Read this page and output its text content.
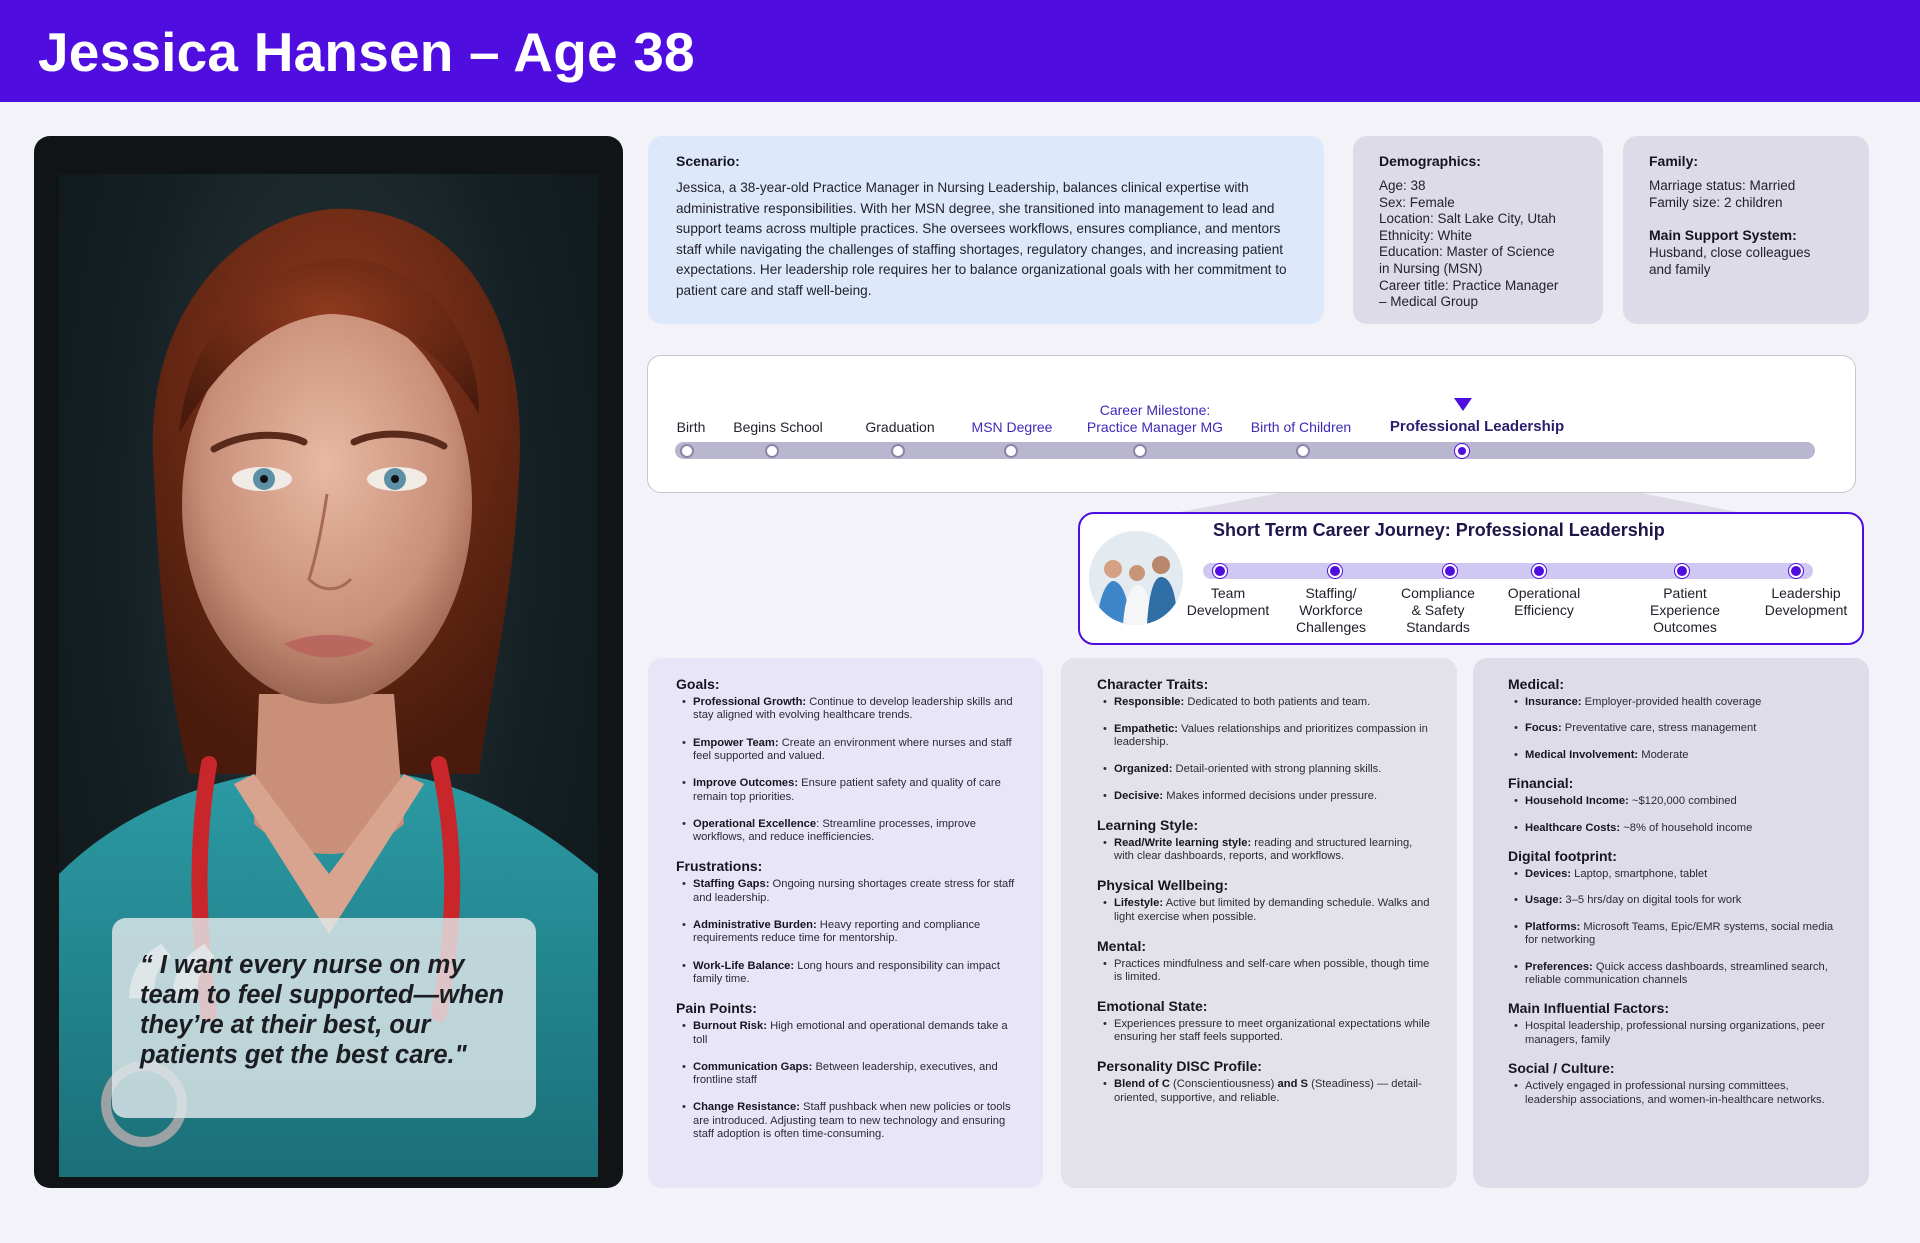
Jessica Hansen – Age 38

“ I want every nurse on my team to feel supported—when they’re at their best, our patients get the best care."

Scenario:

Jessica, a 38-year-old Practice Manager in Nursing Leadership, balances clinical expertise with administrative responsibilities. With her MSN degree, she transitioned into management to lead and support teams across multiple practices. She oversees workflows, ensures compliance, and mentors staff while navigating the challenges of staffing shortages, regulatory changes, and increasing patient expectations. Her leadership role requires her to balance organizational goals with her commitment to patient care and staff well-being.

Demographics:
Age: 38
Sex: Female
Location: Salt Lake City, Utah
Ethnicity: White
Education: Master of Science
in Nursing (MSN)
Career title: Practice Manager
– Medical Group
Family:
Marriage status: Married
Family size: 2 children
Main Support System:
Husband, close colleagues
and family
Birth Begins School	Graduation	MSN Degree
Career Milestone:
Practice Manager MG Birth of Children	Professional Leadership
Short Term Career Journey: Professional Leadership
Team
Development
Staffing/
Workforce
Challenges
Compliance
& Safety
Standards
Operational
Efficiency
Patient
Experience
Outcomes
Leadership
Development
Goals:
• Professional Growth: Continue to develop leadership skills and stay aligned with evolving healthcare trends.
• Empower Team: Create an environment where nurses and staff feel supported and valued.
• Improve Outcomes: Ensure patient safety and quality of care remain top priorities.
• Operational Excellence: Streamline processes, improve workflows, and reduce inefficiencies.
Frustrations:
• Staffing Gaps: Ongoing nursing shortages create stress for staff and leadership.
• Administrative Burden: Heavy reporting and compliance requirements reduce time for mentorship.
• Work-Life Balance: Long hours and responsibility can impact family time.
Pain Points:
• Burnout Risk: High emotional and operational demands take a toll
• Communication Gaps: Between leadership, executives, and frontline staff
• Change Resistance: Staff pushback when new policies or tools are introduced. Adjusting team to new technology and ensuring staff adoption is often time-consuming.
Character Traits:
• Responsible: Dedicated to both patients and team.
• Empathetic: Values relationships and prioritizes compassion in leadership.
• Organized: Detail-oriented with strong planning skills.
• Decisive: Makes informed decisions under pressure.
Learning Style:
• Read/Write learning style: reading and structured learning, with clear dashboards, reports, and workflows.
Physical Wellbeing:
• Lifestyle: Active but limited by demanding schedule. Walks and light exercise when possible.
Mental:
• Practices mindfulness and self-care when possible, though time is limited.
Emotional State:
• Experiences pressure to meet organizational expectations while ensuring her staff feels supported.
Personality DISC Profile:
• Blend of C (Conscientiousness) and S (Steadiness) — detail-oriented, supportive, and reliable.
Medical:
• Insurance: Employer-provided health coverage
• Focus: Preventative care, stress management
• Medical Involvement: Moderate
Financial:
• Household Income: ~$120,000 combined
• Healthcare Costs: ~8% of household income
Digital footprint:
• Devices: Laptop, smartphone, tablet
• Usage: 3–5 hrs/day on digital tools for work
• Platforms: Microsoft Teams, Epic/EMR systems, social media for networking
• Preferences: Quick access dashboards, streamlined search, reliable communication channels
Main Influential Factors:
• Hospital leadership, professional nursing organizations, peer managers, family
Social / Culture:
• Actively engaged in professional nursing committees, leadership associations, and women-in-healthcare networks.
